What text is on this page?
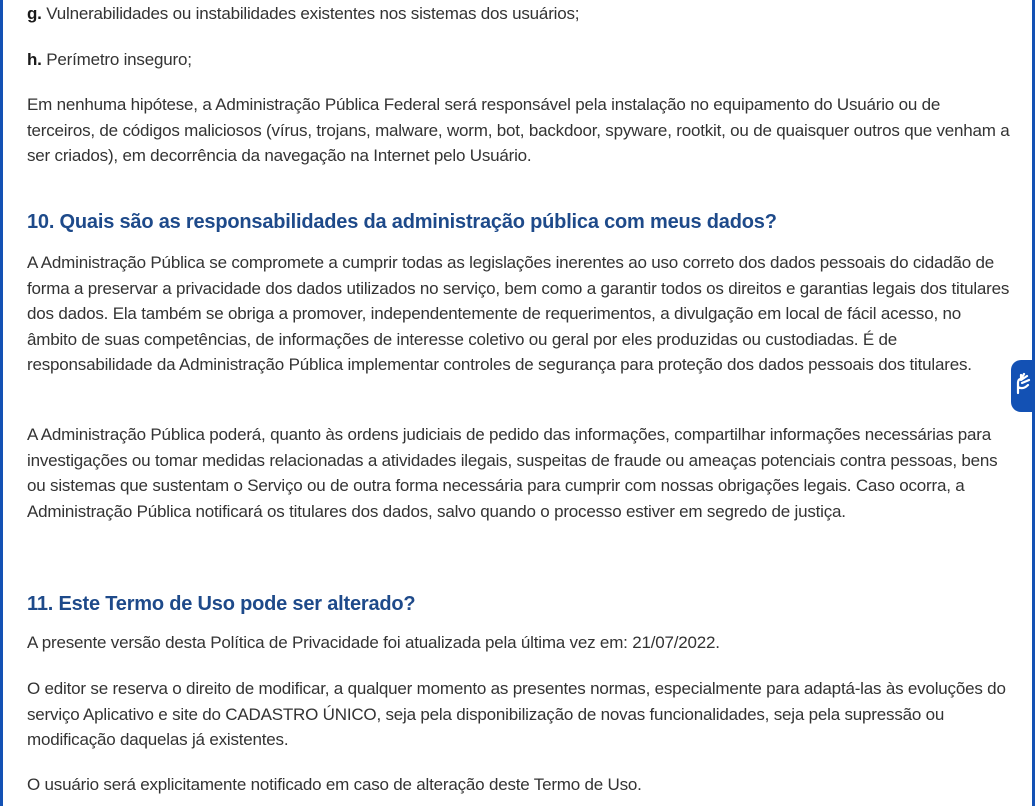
g. Vulnerabilidades ou instabilidades existentes nos sistemas dos usuários;

h. Perímetro inseguro;

Em nenhuma hipótese, a Administração Pública Federal será responsável pela instalação no equipamento do Usuário ou de terceiros, de códigos maliciosos (vírus, trojans, malware, worm, bot, backdoor, spyware, rootkit, ou de quaisquer outros que venham a ser criados), em decorrência da navegação na Internet pelo Usuário.

10. Quais são as responsabilidades da administração pública com meus dados?

A Administração Pública se compromete a cumprir todas as legislações inerentes ao uso correto dos dados pessoais do cidadão de forma a preservar a privacidade dos dados utilizados no serviço, bem como a garantir todos os direitos e garantias legais dos titulares dos dados. Ela também se obriga a promover, independentemente de requerimentos, a divulgação em local de fácil acesso, no âmbito de suas competências, de informações de interesse coletivo ou geral por eles produzidas ou custodiadas. É de responsabilidade da Administração Pública implementar controles de segurança para proteção dos dados pessoais dos titulares.

A Administração Pública poderá, quanto às ordens judiciais de pedido das informações, compartilhar informações necessárias para investigações ou tomar medidas relacionadas a atividades ilegais, suspeitas de fraude ou ameaças potenciais contra pessoas, bens ou sistemas que sustentam o Serviço ou de outra forma necessária para cumprir com nossas obrigações legais. Caso ocorra, a Administração Pública notificará os titulares dos dados, salvo quando o processo estiver em segredo de justiça.

11. Este Termo de Uso pode ser alterado?

A presente versão desta Política de Privacidade foi atualizada pela última vez em: 21/07/2022.

O editor se reserva o direito de modificar, a qualquer momento as presentes normas, especialmente para adaptá-las às evoluções do serviço Aplicativo e site do CADASTRO ÚNICO, seja pela disponibilização de novas funcionalidades, seja pela supressão ou modificação daquelas já existentes.

O usuário será explicitamente notificado em caso de alteração deste Termo de Uso.
